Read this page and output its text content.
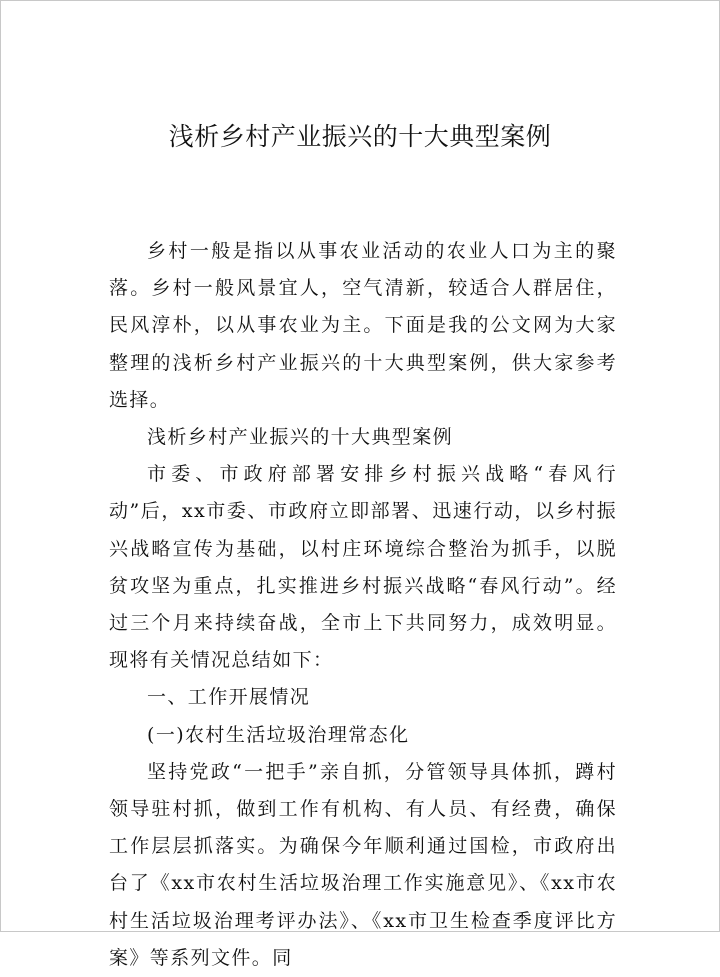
浅析乡村产业振兴的十大典型案例

乡村一般是指以从事农业活动的农业人口为主的聚落。乡村一般风景宜人，空气清新，较适合人群居住，民风淳朴，以从事农业为主。下面是我的公文网为大家整理的浅析乡村产业振兴的十大典型案例，供大家参考选择。

浅析乡村产业振兴的十大典型案例

市委、市政府部署安排乡村振兴战略“春风行动”后，xx市委、市政府立即部署、迅速行动，以乡村振兴战略宣传为基础，以村庄环境综合整治为抓手，以脱贫攻坚为重点，扎实推进乡村振兴战略“春风行动”。经过三个月来持续奋战，全市上下共同努力，成效明显。现将有关情况总结如下：

一、工作开展情况

(一)农村生活垃圾治理常态化

坚持党政“一把手”亲自抓，分管领导具体抓，蹲村领导驻村抓，做到工作有机构、有人员、有经费，确保工作层层抓落实。为确保今年顺利通过国检，市政府出台了《xx市农村生活垃圾治理工作实施意见》、《xx市农村生活垃圾治理考评办法》、《xx市卫生检查季度评比方案》等系列文件。同
